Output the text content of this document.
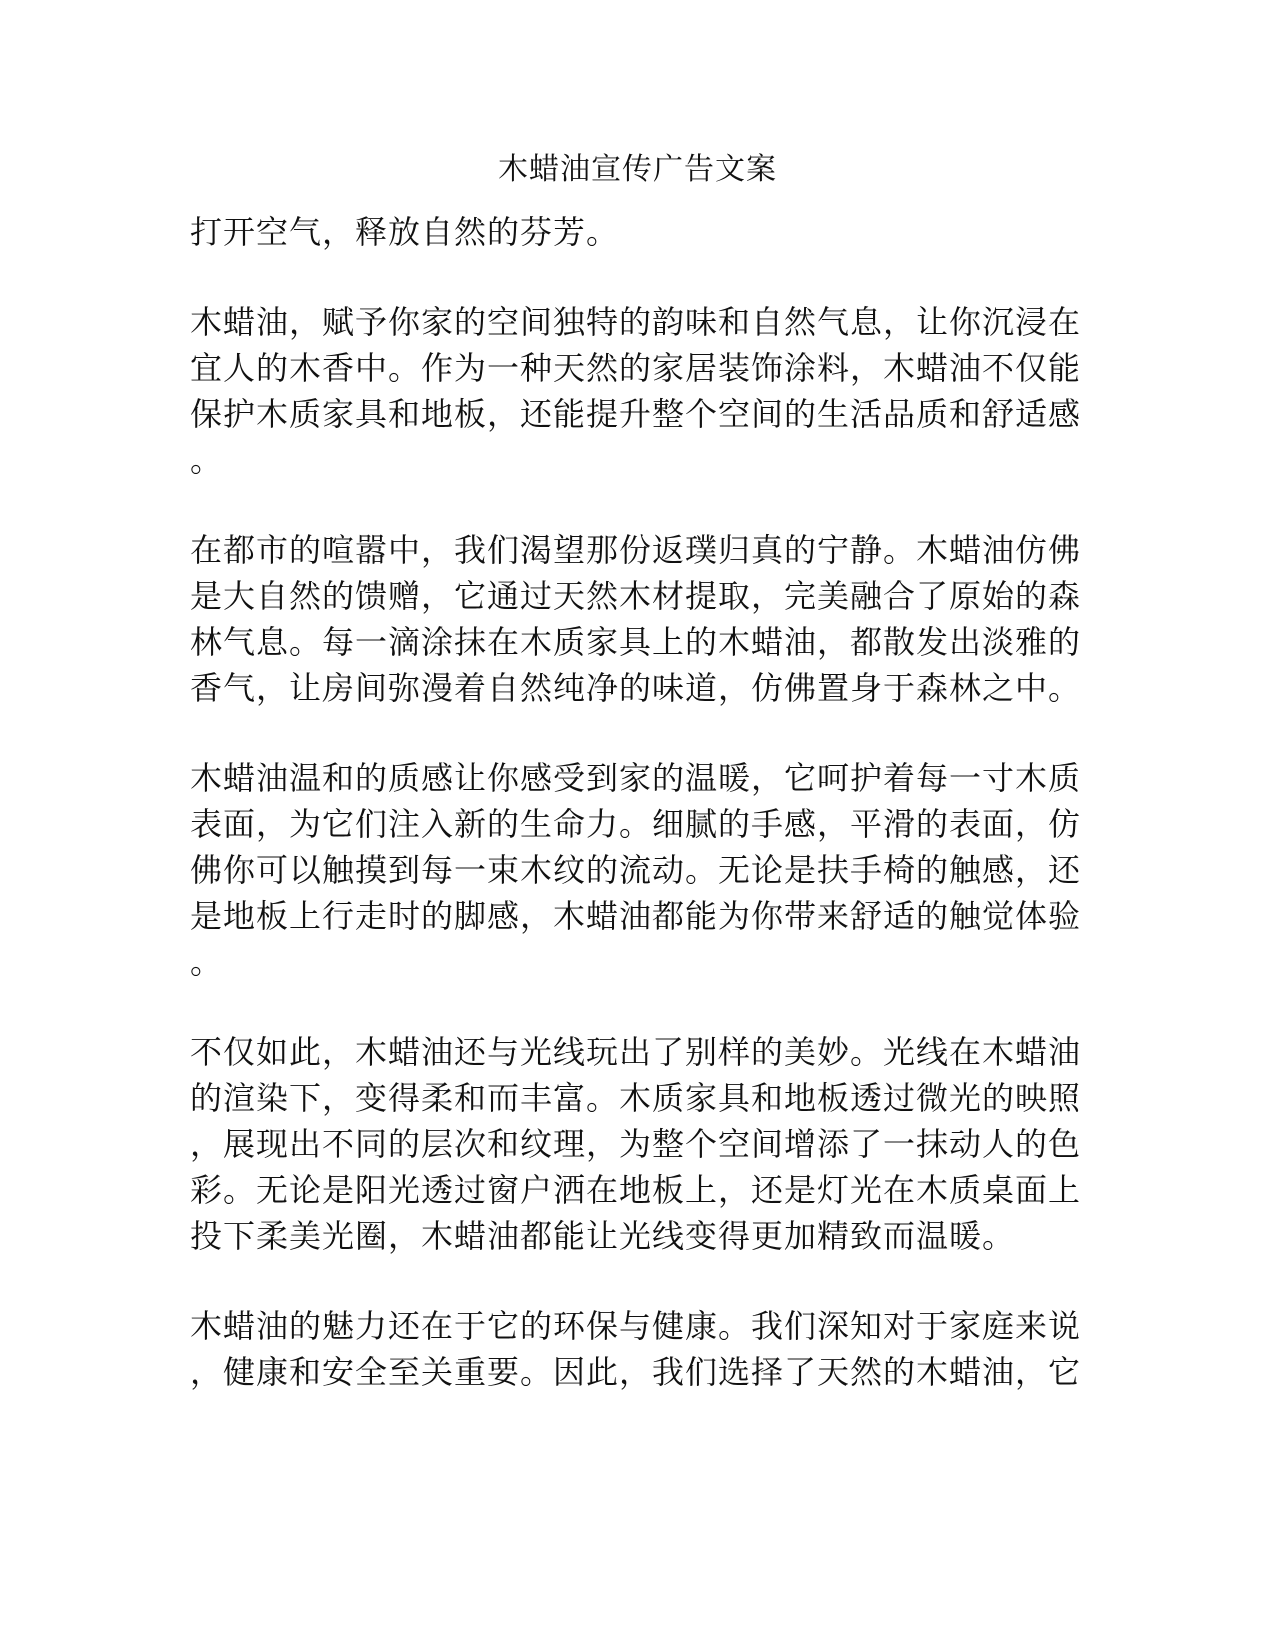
木蜡油宣传广告文案
打开空气，释放自然的芬芳。
木蜡油，赋予你家的空间独特的韵味和自然气息，让你沉浸在
宜人的木香中。作为一种天然的家居装饰涂料，木蜡油不仅能
保护木质家具和地板，还能提升整个空间的生活品质和舒适感
。
在都市的喧嚣中，我们渴望那份返璞归真的宁静。木蜡油仿佛
是大自然的馈赠，它通过天然木材提取，完美融合了原始的森
林气息。每一滴涂抹在木质家具上的木蜡油，都散发出淡雅的
香气，让房间弥漫着自然纯净的味道，仿佛置身于森林之中。
木蜡油温和的质感让你感受到家的温暖，它呵护着每一寸木质
表面，为它们注入新的生命力。细腻的手感，平滑的表面，仿
佛你可以触摸到每一束木纹的流动。无论是扶手椅的触感，还
是地板上行走时的脚感，木蜡油都能为你带来舒适的触觉体验
。
不仅如此，木蜡油还与光线玩出了别样的美妙。光线在木蜡油
的渲染下，变得柔和而丰富。木质家具和地板透过微光的映照
，展现出不同的层次和纹理，为整个空间增添了一抹动人的色
彩。无论是阳光透过窗户洒在地板上，还是灯光在木质桌面上
投下柔美光圈，木蜡油都能让光线变得更加精致而温暖。
木蜡油的魅力还在于它的环保与健康。我们深知对于家庭来说
，健康和安全至关重要。因此，我们选择了天然的木蜡油，它
